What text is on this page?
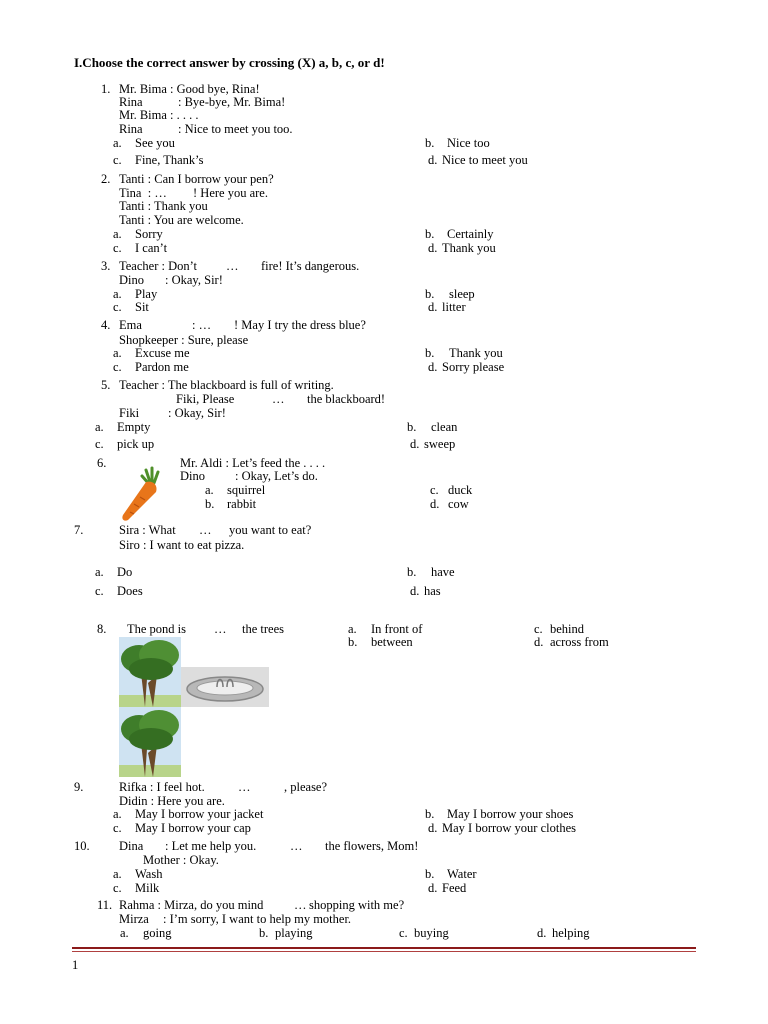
I.Choose the correct answer by crossing (X) a, b, c, or d!
1. Mr. Bima : Good bye, Rina!
Rina	: Bye-bye, Mr. Bima!
Mr. Bima : . . . .
Rina	: Nice to meet you too.
a. See you	b. Nice too
c. Fine, Thank’s	d. Nice to meet you
2. Tanti : Can I borrow your pen?
Tina  : … ! Here you are.
Tanti : Thank you
Tanti : You are welcome.
a. Sorry	b. Certainly
c. I can’t	d. Thank you
3. Teacher : Don’t … fire! It’s dangerous.
Dino : Okay, Sir!
a. Play	b. sleep
c. Sit	d. litter
4. Ema	: … ! May I try the dress blue?
Shopkeeper : Sure, please
a. Excuse me	b. Thank you
c. Pardon me	d. Sorry please
5. Teacher : The blackboard is full of writing.
Fiki, Please	… the blackboard!
Fiki : Okay, Sir!
a. Empty	b. clean
c. pick up	d. sweep
6.	Mr. Aldi : Let’s feed the . . . .
Dino : Okay, Let’s do.
a. squirrel	c. duck
b. rabbit	d. cow
7.	Sira : What … you want to eat?
Siro : I want to eat pizza.
a. Do	b. have
c. Does	d. has
8. The pond is … the trees	a. In front of	c. behind
b. between	d. across from
9.	Rifka : I feel hot.	…	, please?
Didin : Here you are.
a. May I borrow your jacket	b. May I borrow your shoes
c. May I borrow your cap	d. May I borrow your clothes
10. Dina : Let me help you.	… the flowers, Mom!
Mother : Okay.
a. Wash	b. Water
c. Milk	d. Feed
11. Rahma : Mirza, do you mind … shopping with me?
Mirza : I’m sorry, I want to help my mother.
a. going	b. playing	c. buying	d. helping
1
